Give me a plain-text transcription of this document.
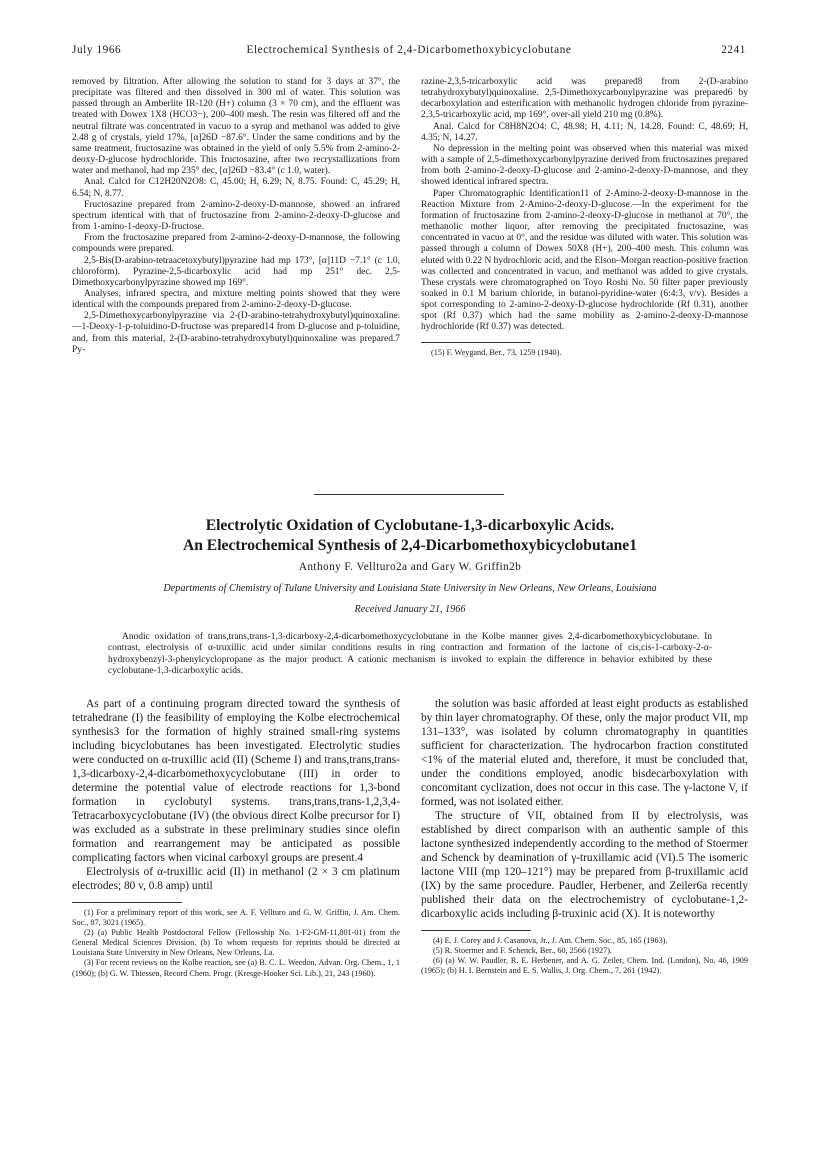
July 1966	Electrochemical Synthesis of 2,4-Dicarbomethoxybicyclobutane	2241

removed by filtration. After allowing the solution to stand for 3 days at 37°, the precipitate was filtered and then dissolved in 300 ml of water. This solution was passed through an Amberlite IR-120 (H+) column (3 × 70 cm), and the effluent was treated with Dowex 1X8 (HCO3−), 200–400 mesh. The resin was filtered off and the neutral filtrate was concentrated in vacuo to a syrup and methanol was added to give 2.48 g of crystals, yield 17%, [α]26D −87.6°. Under the same conditions and by the same treatment, fructosazine was obtained in the yield of only 5.5% from 2-amino-2-deoxy-D-glucose hydrochloride. This fructosazine, after two recrystallizations from water and methanol, had mp 235° dec, [α]26D −83.4° (c 1.0, water).

Anal. Calcd for C12H20N2O8: C, 45.00; H, 6.29; N, 8.75. Found: C, 45.29; H, 6.54; N, 8.77.

Fructosazine prepared from 2-amino-2-deoxy-D-mannose, showed an infrared spectrum identical with that of fructosazine from 2-amino-2-deoxy-D-glucose and from 1-amino-1-deoxy-D-fructose.

From the fructosazine prepared from 2-amino-2-deoxy-D-mannose, the following compounds were prepared.

2,5-Bis(D-arabino-tetraacetoxybutyl)pyrazine had mp 173°, [α]11D −7.1° (c 1.0, chloroform). Pyrazine-2,5-dicarboxylic acid had mp 251° dec. 2,5-Dimethoxycarbonylpyrazine showed mp 169°.

Analyses, infrared spectra, and mixture melting points showed that they were identical with the compounds prepared from 2-amino-2-deoxy-D-glucose.

2,5-Dimethoxycarbonylpyrazine via 2-(D-arabino-tetrahydroxybutyl)quinoxaline.—1-Deoxy-1-p-toluidino-D-fructose was prepared14 from D-glucose and p-toluidine, and, from this material, 2-(D-arabino-tetrahydroxybutyl)quinoxaline was prepared.7 Py-

razine-2,3,5-tricarboxylic acid was prepared8 from 2-(D-arabino tetrahydroxybutyl)quinoxaline. 2,5-Dimethoxycarbonylpyrazine was prepared6 by decarboxylation and esterification with methanolic hydrogen chloride from pyrazine-2,3,5-tricarboxylic acid, mp 169°, over-all yield 210 mg (0.8%).

Anal. Calcd for C8H8N2O4: C, 48.98; H, 4.11; N, 14.28. Found: C, 48.69; H, 4.35; N, 14.27.

No depression in the melting point was observed when this material was mixed with a sample of 2,5-dimethoxycarbonylpyrazine derived from fructosazines prepared from both 2-amino-2-deoxy-D-glucose and 2-amino-2-deoxy-D-mannose, and they showed identical infrared spectra.

Paper Chromatographic Identification11 of 2-Amino-2-deoxy-D-mannose in the Reaction Mixture from 2-Amino-2-deoxy-D-glucose.—In the experiment for the formation of fructosazine from 2-amino-2-deoxy-D-glucose in methanol at 70°, the methanolic mother liquor, after removing the precipitated fructosazine, was concentrated in vacuo at 0°, and the residue was diluted with water. This solution was passed through a column of Dowex 50X8 (H+), 200–400 mesh. This column was eluted with 0.22 N hydrochloric acid, and the Elson–Morgan reaction-positive fraction was collected and concentrated in vacuo, and methanol was added to give crystals. These crystals were chromatographed on Toyo Roshi No. 50 filter paper previously soaked in 0.1 M barium chloride, in butanol-pyridine-water (6:4:3, v/v). Besides a spot corresponding to 2-amino-2-deoxy-D-glucose hydrochloride (Rf 0.31), another spot (Rf 0.37) which had the same mobility as 2-amino-2-deoxy-D-mannose hydrochloride (Rf 0.37) was detected.

(15) F. Weygand, Ber., 73, 1259 (1940).

Electrolytic Oxidation of Cyclobutane-1,3-dicarboxylic Acids.
An Electrochemical Synthesis of 2,4-Dicarbomethoxybicyclobutane1
Anthony F. Vellturo2a and Gary W. Griffin2b
Departments of Chemistry of Tulane University and Louisiana State University in New Orleans, New Orleans, Louisiana
Received January 21, 1966

Anodic oxidation of trans,trans,trans-1,3-dicarboxy-2,4-dicarbomethoxycyclobutane in the Kolbe manner gives 2,4-dicarbomethoxybicyclobutane. In contrast, electrolysis of α-truxillic acid under similar conditions results in ring contraction and formation of the lactone of cis,cis-1-carboxy-2-α-hydroxybenzyl-3-phenylcyclopropane as the major product. A cationic mechanism is invoked to explain the difference in behavior exhibited by these cyclobutane-1,3-dicarboxylic acids.

As part of a continuing program directed toward the synthesis of tetrahedrane (I) the feasibility of employing the Kolbe electrochemical synthesis3 for the formation of highly strained small-ring systems including bicyclobutanes has been investigated. Electrolytic studies were conducted on α-truxillic acid (II) (Scheme I) and trans,trans,trans-1,3-dicarboxy-2,4-dicarbomethoxycyclobutane (III) in order to determine the potential value of electrode reactions for 1,3-bond formation in cyclobutyl systems. trans,trans,trans-1,2,3,4-Tetracarboxycyclobutane (IV) (the obvious direct Kolbe precursor for I) was excluded as a substrate in these preliminary studies since olefin formation and rearrangement may be anticipated as possible complicating factors when vicinal carboxyl groups are present.4

Electrolysis of α-truxillic acid (II) in methanol (2 × 3 cm platinum electrodes; 80 v, 0.8 amp) until

(1) For a preliminary report of this work, see A. F. Vellturo and G. W. Griffin, J. Am. Chem. Soc., 87, 3021 (1965).

(2) (a) Public Health Postdoctoral Fellow (Fellowship No. 1-F2-GM-11,801-01) from the General Medical Sciences Division. (b) To whom requests for reprints should be directed at Louisiana State University in New Orleans, New Orleans, La.

(3) For recent reviews on the Kolbe reaction, see (a) B. C. L. Weedon, Advan. Org. Chem., 1, 1 (1960); (b) G. W. Thiessen, Record Chem. Progr. (Kresge-Hooker Sci. Lib.), 21, 243 (1960).

the solution was basic afforded at least eight products as established by thin layer chromatography. Of these, only the major product VII, mp 131–133°, was isolated by column chromatography in quantities sufficient for characterization. The hydrocarbon fraction constituted <1% of the material eluted and, therefore, it must be concluded that, under the conditions employed, anodic bisdecarboxylation with concomitant cyclization, does not occur in this case. The γ-lactone V, if formed, was not isolated either.

The structure of VII, obtained from II by electrolysis, was established by direct comparison with an authentic sample of this lactone synthesized independently according to the method of Stoermer and Schenck by deamination of γ-truxillamic acid (VI).5 The isomeric lactone VIII (mp 120–121°) may be prepared from β-truxillamic acid (IX) by the same procedure. Paudler, Herbener, and Zeiler6a recently published their data on the electrochemistry of cyclobutane-1,2-dicarboxylic acids including β-truxinic acid (X). It is noteworthy

(4) E. J. Corey and J. Casanova, Jr., J. Am. Chem. Soc., 85, 165 (1963).

(5) R. Stoermer and F. Schenck, Ber., 60, 2566 (1927).

(6) (a) W. W. Paudler, R. E. Herbener, and A. G. Zeiler, Chem. Ind. (London), No. 46, 1909 (1965); (b) H. I. Bernstein and E. S. Wallis, J. Org. Chem., 7, 261 (1942).
